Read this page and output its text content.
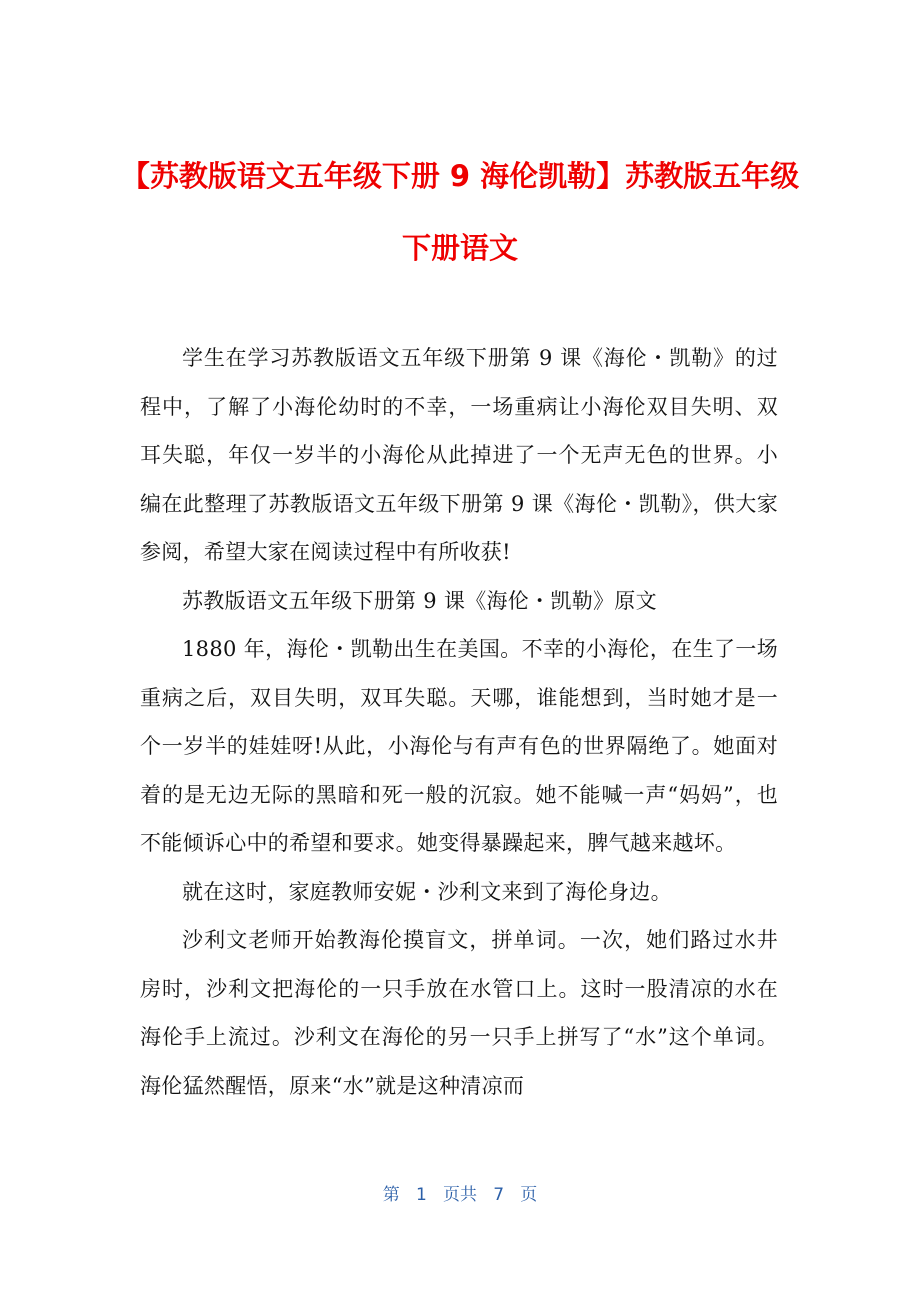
【苏教版语文五年级下册 9 海伦凯勒】苏教版五年级下册语文

学生在学习苏教版语文五年级下册第 9 课《海伦・凯勒》的过程中，了解了小海伦幼时的不幸，一场重病让小海伦双目失明、双耳失聪，年仅一岁半的小海伦从此掉进了一个无声无色的世界。小编在此整理了苏教版语文五年级下册第 9 课《海伦・凯勒》，供大家参阅，希望大家在阅读过程中有所收获!

苏教版语文五年级下册第 9 课《海伦・凯勒》原文

1880 年，海伦・凯勒出生在美国。不幸的小海伦，在生了一场重病之后，双目失明，双耳失聪。天哪，谁能想到，当时她才是一个一岁半的娃娃呀!从此，小海伦与有声有色的世界隔绝了。她面对着的是无边无际的黑暗和死一般的沉寂。她不能喊一声“妈妈”，也不能倾诉心中的希望和要求。她变得暴躁起来，脾气越来越坏。

就在这时，家庭教师安妮・沙利文来到了海伦身边。

沙利文老师开始教海伦摸盲文，拼单词。一次，她们路过水井房时，沙利文把海伦的一只手放在水管口上。这时一股清凉的水在海伦手上流过。沙利文在海伦的另一只手上拼写了“水”这个单词。海伦猛然醒悟，原来“水”就是这种清凉而

第 1 页共 7 页
